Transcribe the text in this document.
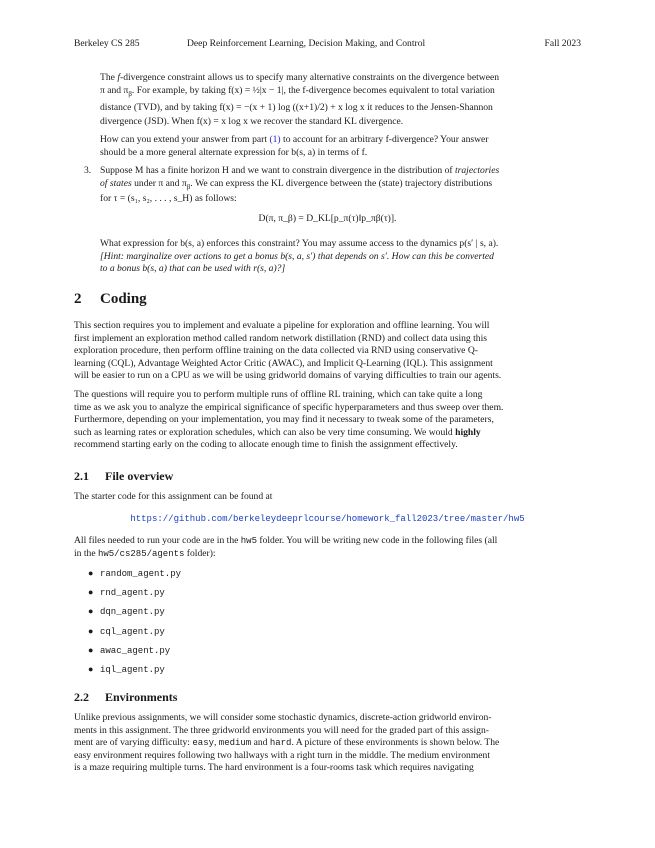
Berkeley CS 285	Deep Reinforcement Learning, Decision Making, and Control	Fall 2023

The f-divergence constraint allows us to specify many alternative constraints on the divergence between

π and $\pi_\beta$. For example, by taking f(x) = ½|x − 1|, the f-divergence becomes equivalent to total variation

distance (TVD), and by taking f(x) = −(x + 1) log ((x+1)/2) + x log x it reduces to the Jensen-Shannon

divergence (JSD). When f(x) = x log x we recover the standard KL divergence.

How can you extend your answer from part (1) to account for an arbitrary f-divergence? Your answer

should be a more general alternate expression for b(s, a) in terms of f.

3. Suppose M has a finite horizon H and we want to constrain divergence in the distribution of trajectories

of states under π and $\pi_\beta$. We can express the KL divergence between the (state) trajectory distributions

for τ = (s₁, s₂, . . . , s_H) as follows:

D(π, π_β) = D_KL[p_π(τ)‖p_πβ(τ)].

What expression for b(s, a) enforces this constraint? You may assume access to the dynamics p(s′ | s, a).

[Hint: marginalize over actions to get a bonus b(s, a, s′) that depends on s′. How can this be converted

to a bonus b(s, a) that can be used with r(s, a)?]

2 Coding

This section requires you to implement and evaluate a pipeline for exploration and offline learning. You will

first implement an exploration method called random network distillation (RND) and collect data using this

exploration procedure, then perform offline training on the data collected via RND using conservative Q-

learning (CQL), Advantage Weighted Actor Critic (AWAC), and Implicit Q-Learning (IQL). This assignment

will be easier to run on a CPU as we will be using gridworld domains of varying difficulties to train our agents.

The questions will require you to perform multiple runs of offline RL training, which can take quite a long

time as we ask you to analyze the empirical significance of specific hyperparameters and thus sweep over them.

Furthermore, depending on your implementation, you may find it necessary to tweak some of the parameters,

such as learning rates or exploration schedules, which can also be very time consuming. We would highly

recommend starting early on the coding to allocate enough time to finish the assignment effectively.

2.1 File overview
The starter code for this assignment can be found at
https://github.com/berkeleydeeprlcourse/homework_fall2023/tree/master/hw5

All files needed to run your code are in the hw5 folder. You will be writing new code in the following files (all

in the hw5/cs285/agents folder):

● random_agent.py
● rnd_agent.py
● dqn_agent.py
● cql_agent.py
● awac_agent.py
● iql_agent.py
2.2 Environments

Unlike previous assignments, we will consider some stochastic dynamics, discrete-action gridworld environ-

ments in this assignment. The three gridworld environments you will need for the graded part of this assign-

ment are of varying difficulty: easy, medium and hard. A picture of these environments is shown below. The

easy environment requires following two hallways with a right turn in the middle. The medium environment

is a maze requiring multiple turns. The hard environment is a four-rooms task which requires navigating
